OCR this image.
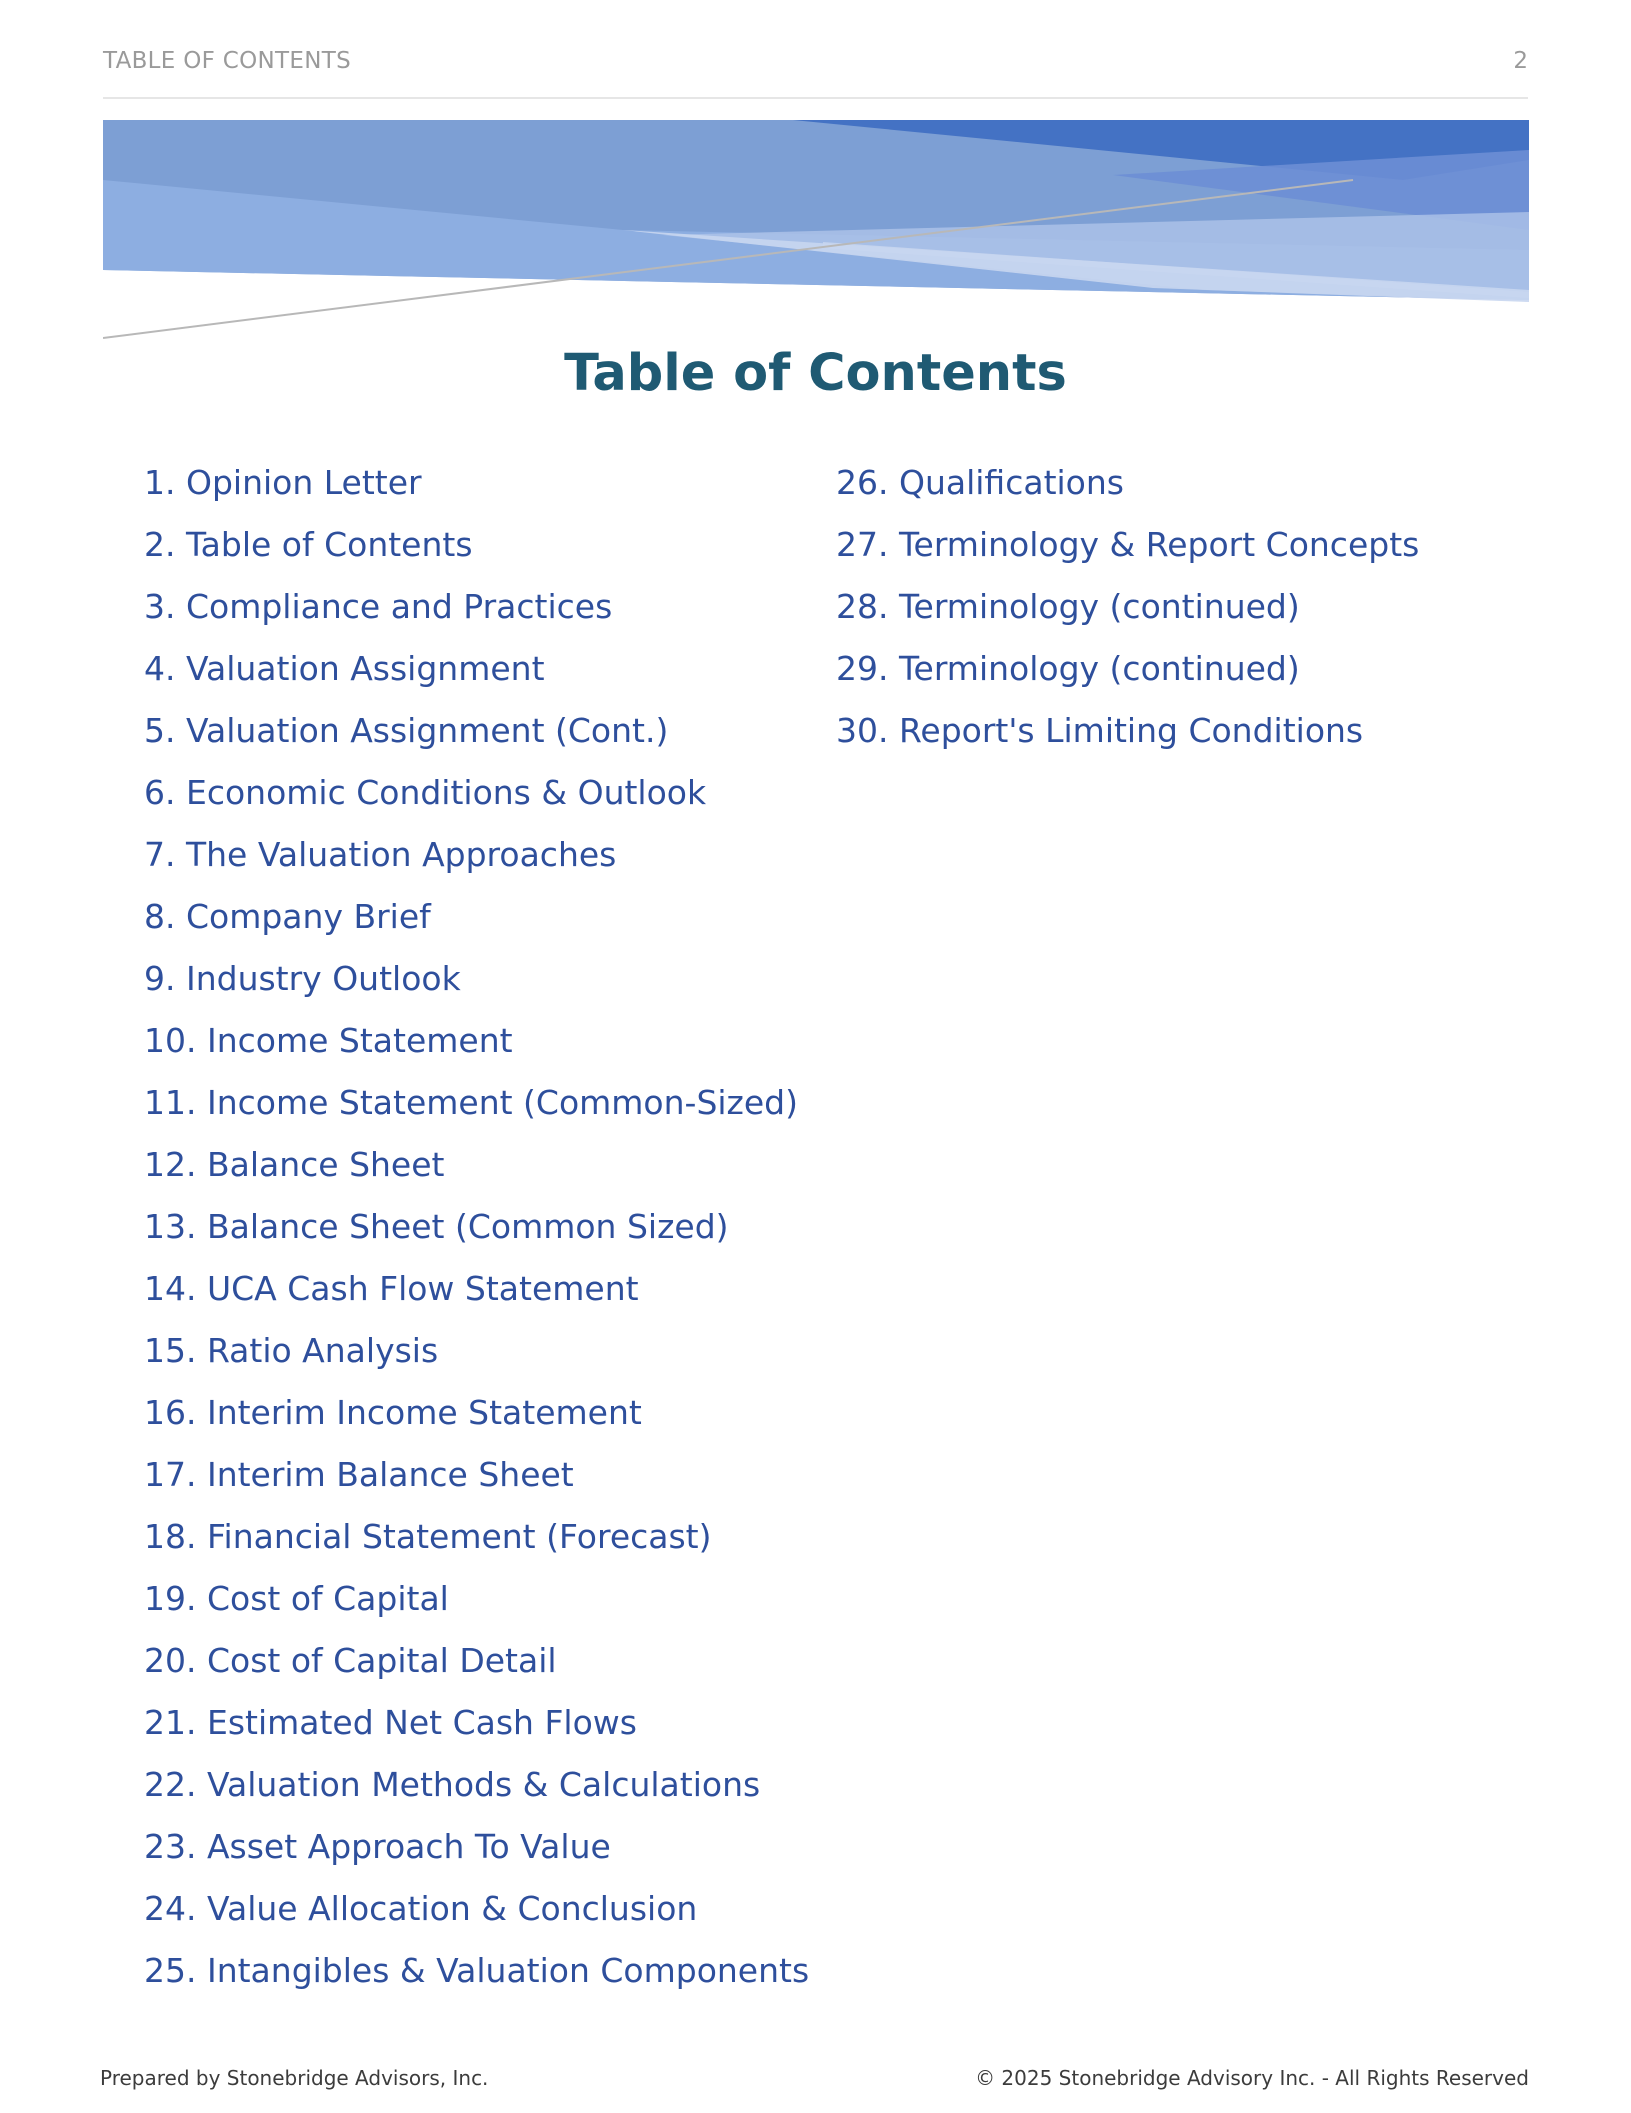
TABLE OF CONTENTS	2
Table of Contents
1. Opinion Letter
2. Table of Contents
3. Compliance and Practices
4. Valuation Assignment
5. Valuation Assignment (Cont.)
6. Economic Conditions & Outlook
7. The Valuation Approaches
8. Company Brief
9. Industry Outlook
10. Income Statement
11. Income Statement (Common-Sized)
12. Balance Sheet
13. Balance Sheet (Common Sized)
14. UCA Cash Flow Statement
15. Ratio Analysis
16. Interim Income Statement
17. Interim Balance Sheet
18. Financial Statement (Forecast)
19. Cost of Capital
20. Cost of Capital Detail
21. Estimated Net Cash Flows
22. Valuation Methods & Calculations
23. Asset Approach To Value
24. Value Allocation & Conclusion
25. Intangibles & Valuation Components
26. Qualifications
27. Terminology & Report Concepts
28. Terminology (continued)
29. Terminology (continued)
30. Report's Limiting Conditions
Prepared by Stonebridge Advisors, Inc.	© 2025 Stonebridge Advisory Inc. - All Rights Reserved
